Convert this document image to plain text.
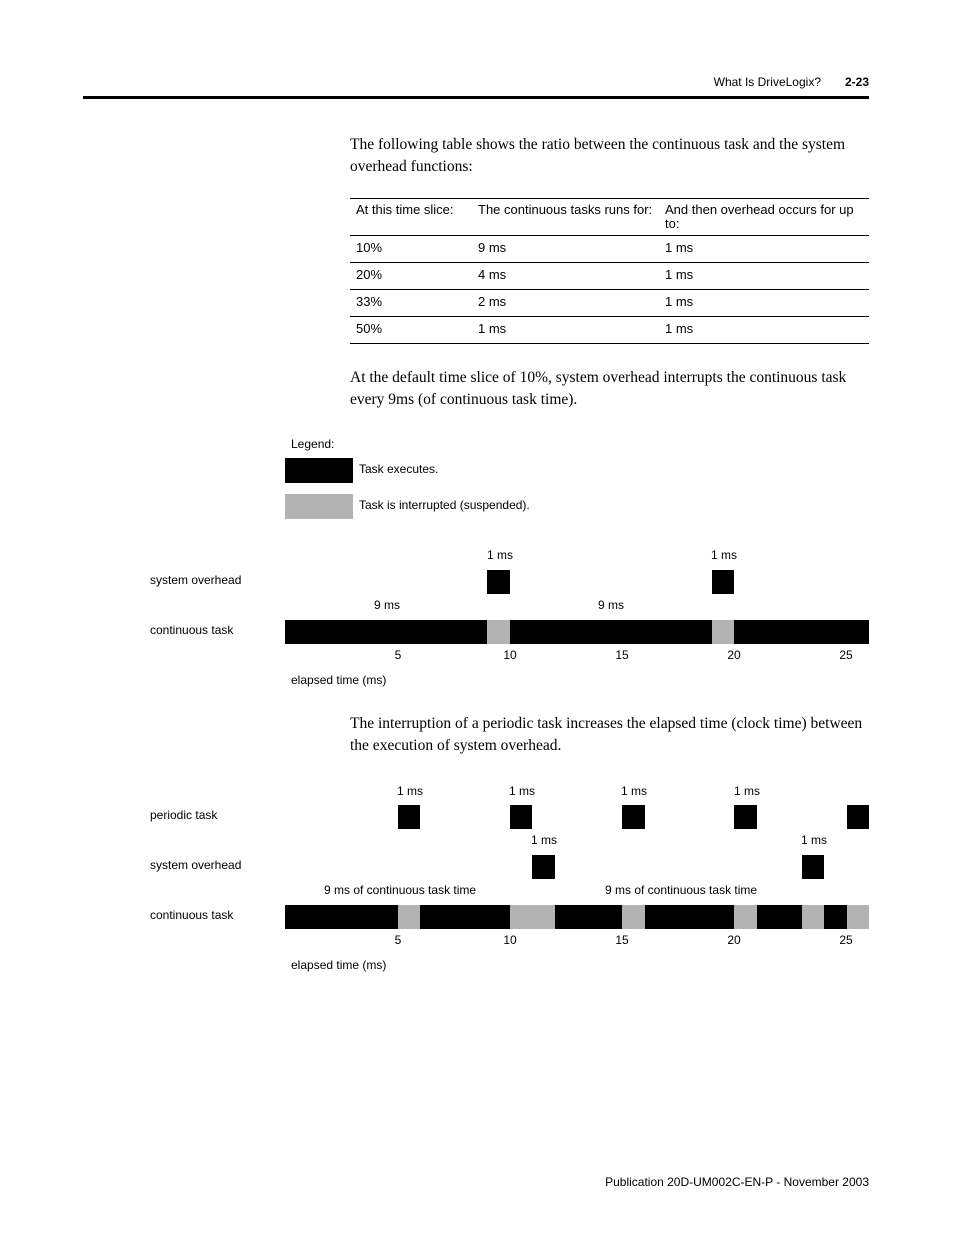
What Is DriveLogix? 2-23
The following table shows the ratio between the continuous task and the system overhead functions:
At this time slice:	The continuous tasks runs for:	And then overhead occurs for up to:
10%	9 ms	1 ms
20%	4 ms	1 ms
33%	2 ms	1 ms
50%	1 ms	1 ms
At the default time slice of 10%, system overhead interrupts the continuous task every 9ms (of continuous task time).
Legend:
Task executes.
Task is interrupted (suspended).
system overhead
continuous task
1 ms	1 ms
9 ms	9 ms
5	10	15	20	25
elapsed time (ms)
The interruption of a periodic task increases the elapsed time (clock time) between the execution of system overhead.
periodic task
system overhead
continuous task
1 ms	1 ms	1 ms	1 ms
1 ms	1 ms
9 ms of continuous task time	9 ms of continuous task time
5	10	15	20	25
elapsed time (ms)
Publication 20D-UM002C-EN-P - November 2003
